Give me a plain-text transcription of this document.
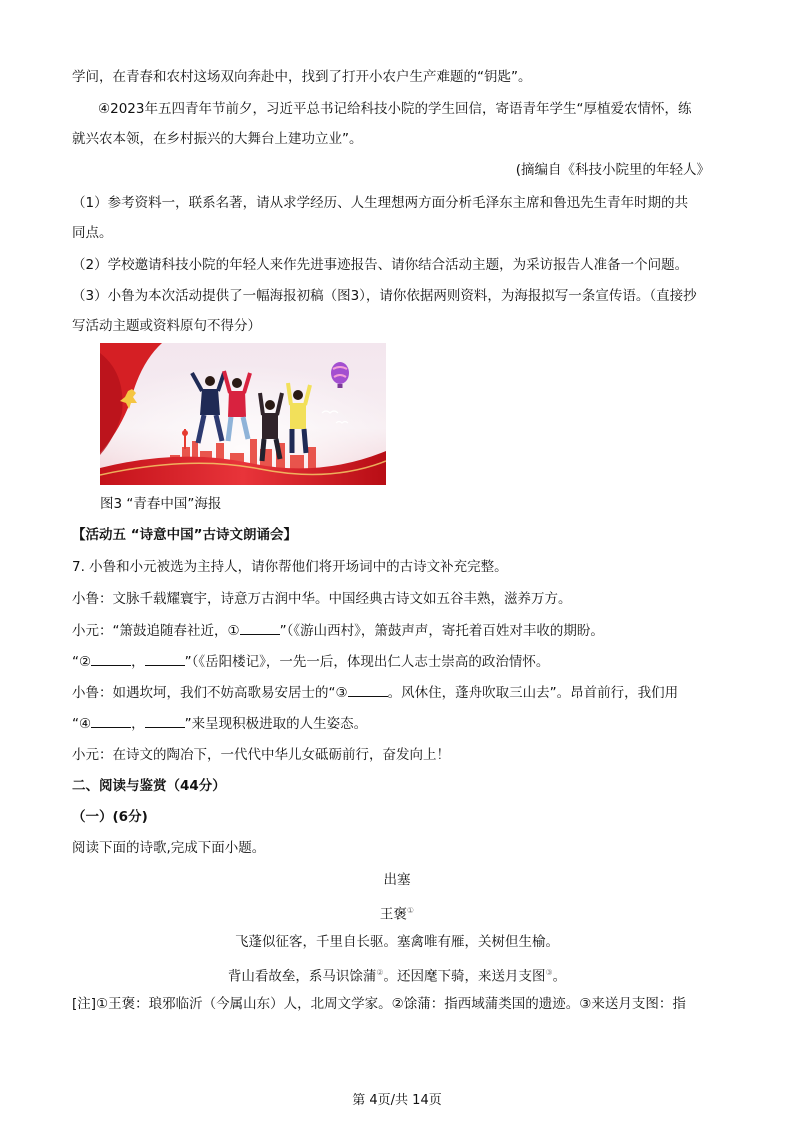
学问，在青春和农村这场双向奔赴中，找到了打开小农户生产难题的“钥匙”。
④2023年五四青年节前夕，习近平总书记给科技小院的学生回信，寄语青年学生“厚植爱农情怀，练
就兴农本领，在乡村振兴的大舞台上建功立业”。
(摘编自《科技小院里的年轻人》
（1）参考资料一，联系名著，请从求学经历、人生理想两方面分析毛泽东主席和鲁迅先生青年时期的共
同点。
（2）学校邀请科技小院的年轻人来作先进事迹报告、请你结合活动主题，为采访报告人准备一个问题。
（3）小鲁为本次活动提供了一幅海报初稿（图3），请你依据两则资料，为海报拟写一条宣传语。（直接抄
写活动主题或资料原句不得分）
图3 “青春中国”海报
【活动五 “诗意中国”古诗文朗诵会】
7. 小鲁和小元被选为主持人，请你帮他们将开场词中的古诗文补充完整。
小鲁：文脉千载耀寰宇，诗意万古润中华。中国经典古诗文如五谷丰熟，滋养万方。
小元：“箫鼓追随春社近，①	”（《游山西村》，箫鼓声声，寄托着百姓对丰收的期盼。
“②	，	”（《岳阳楼记》，一先一后，体现出仁人志士崇高的政治情怀。
小鲁：如遇坎坷，我们不妨高歌易安居士的“③	。风休住，蓬舟吹取三山去”。昂首前行，我们用
“④	，	”来呈现积极进取的人生姿态。
小元：在诗文的陶冶下，一代代中华儿女砥砺前行，奋发向上！
二、阅读与鉴赏（44分）
（一）(6分)
阅读下面的诗歌,完成下面小题。
出塞
王褒①
飞蓬似征客，千里自长驱。塞禽唯有雁，关树但生榆。
背山看故垒，系马识馀蒲②。还因麾下骑，来送月支图③。
[注]①王褒：琅邪临沂（今属山东）人，北周文学家。②馀蒲：指西域蒲类国的遗迹。③来送月支图：指
第 4页/共 14页
